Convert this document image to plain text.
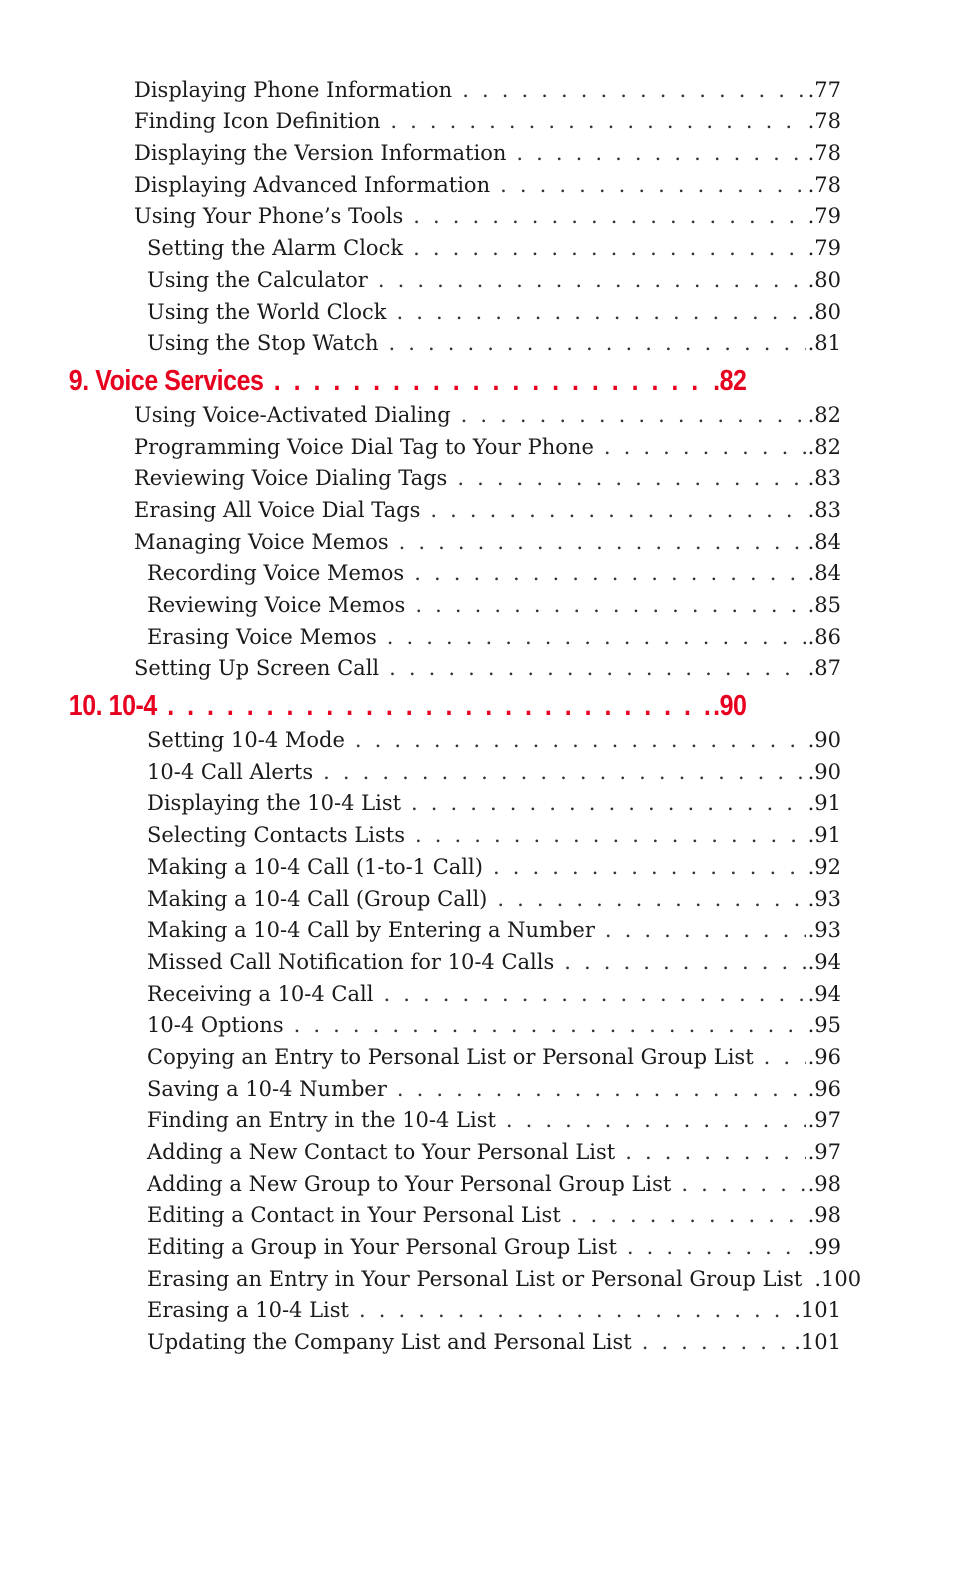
Displaying Phone Information . . .	.77
Finding Icon Definition . . .	.78
Displaying the Version Information . . .	.78
Displaying Advanced Information . . .	.78
Using Your Phone’s Tools . . .	.79
Setting the Alarm Clock . . .	.79
Using the Calculator . . .	.80
Using the World Clock . . .	.80
Using the Stop Watch . . .	.81
9. Voice Services . . .	.82
Using Voice-Activated Dialing . . .	.82
Programming Voice Dial Tag to Your Phone . . .	.82
Reviewing Voice Dialing Tags . . .	.83
Erasing All Voice Dial Tags . . .	.83
Managing Voice Memos . . .	.84
Recording Voice Memos . . .	.84
Reviewing Voice Memos . . .	.85
Erasing Voice Memos . . .	.86
Setting Up Screen Call . . .	.87
10. 10-4 . . .	.90
Setting 10-4 Mode . . .	.90
10-4 Call Alerts . . .	.90
Displaying the 10-4 List . . .	.91
Selecting Contacts Lists . . .	.91
Making a 10-4 Call (1-to-1 Call) . . .	.92
Making a 10-4 Call (Group Call) . . .	.93
Making a 10-4 Call by Entering a Number . . .	.93
Missed Call Notification for 10-4 Calls . . .	.94
Receiving a 10-4 Call . . .	.94
10-4 Options . . .	.95
Copying an Entry to Personal List or Personal Group List . . .	.96
Saving a 10-4 Number . . .	.96
Finding an Entry in the 10-4 List . . .	.97
Adding a New Contact to Your Personal List . . .	.97
Adding a New Group to Your Personal Group List . . .	.98
Editing a Contact in Your Personal List . . .	.98
Editing a Group in Your Personal Group List . . .	.99
Erasing an Entry in Your Personal List or Personal Group List .100
Erasing a 10-4 List . . .	.101
Updating the Company List and Personal List . . .	.101
